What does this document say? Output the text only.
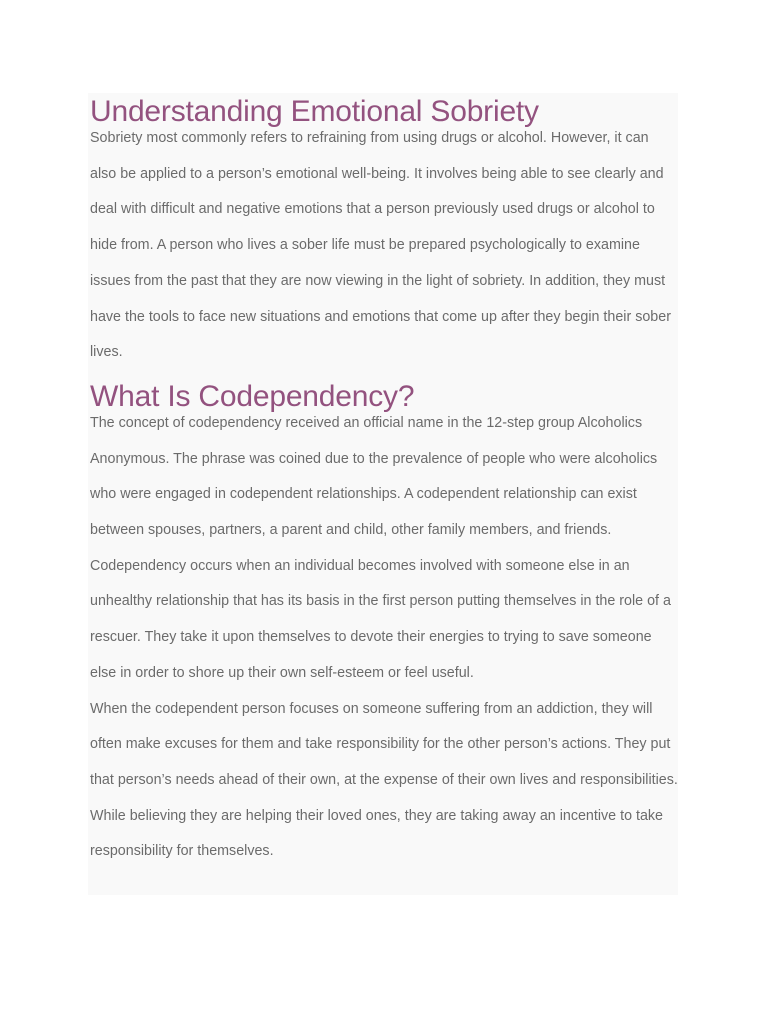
Understanding Emotional Sobriety

Sobriety most commonly refers to refraining from using drugs or alcohol. However, it can also be applied to a person’s emotional well-being. It involves being able to see clearly and deal with difficult and negative emotions that a person previously used drugs or alcohol to hide from. A person who lives a sober life must be prepared psychologically to examine issues from the past that they are now viewing in the light of sobriety. In addition, they must have the tools to face new situations and emotions that come up after they begin their sober lives.

What Is Codependency?

The concept of codependency received an official name in the 12-step group Alcoholics Anonymous. The phrase was coined due to the prevalence of people who were alcoholics who were engaged in codependent relationships. A codependent relationship can exist between spouses, partners, a parent and child, other family members, and friends.

Codependency occurs when an individual becomes involved with someone else in an unhealthy relationship that has its basis in the first person putting themselves in the role of a rescuer. They take it upon themselves to devote their energies to trying to save someone else in order to shore up their own self-esteem or feel useful.

When the codependent person focuses on someone suffering from an addiction, they will often make excuses for them and take responsibility for the other person’s actions. They put that person’s needs ahead of their own, at the expense of their own lives and responsibilities. While believing they are helping their loved ones, they are taking away an incentive to take responsibility for themselves.
